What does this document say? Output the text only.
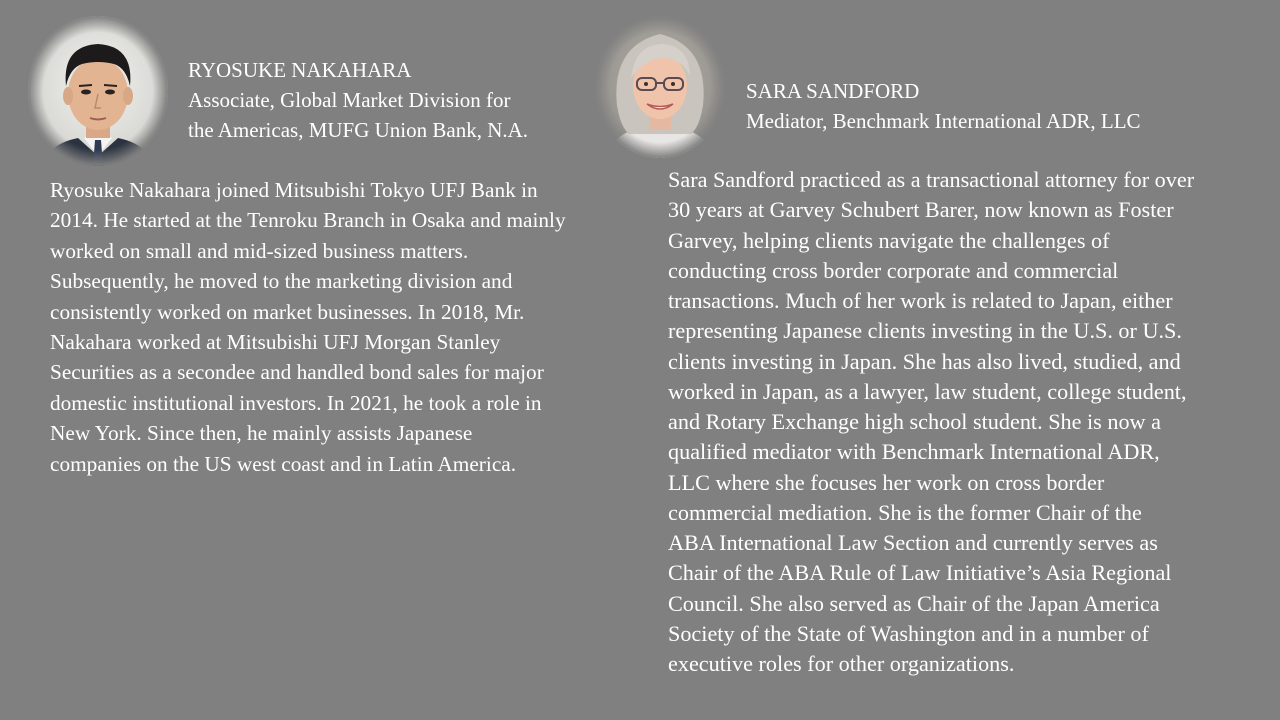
RYOSUKE NAKAHARA
Associate, Global Market Division for
the Americas, MUFG Union Bank, N.A.
Ryosuke Nakahara joined Mitsubishi Tokyo UFJ Bank in
2014. He started at the Tenroku Branch in Osaka and mainly
worked on small and mid-sized business matters.
Subsequently, he moved to the marketing division and
consistently worked on market businesses. In 2018, Mr.
Nakahara worked at Mitsubishi UFJ Morgan Stanley
Securities as a secondee and handled bond sales for major
domestic institutional investors. In 2021, he took a role in
New York. Since then, he mainly assists Japanese
companies on the US west coast and in Latin America.
SARA SANDFORD
Mediator, Benchmark International ADR, LLC
Sara Sandford practiced as a transactional attorney for over
30 years at Garvey Schubert Barer, now known as Foster
Garvey, helping clients navigate the challenges of
conducting cross border corporate and commercial
transactions. Much of her work is related to Japan, either
representing Japanese clients investing in the U.S. or U.S.
clients investing in Japan. She has also lived, studied, and
worked in Japan, as a lawyer, law student, college student,
and Rotary Exchange high school student. She is now a
qualified mediator with Benchmark International ADR,
LLC where she focuses her work on cross border
commercial mediation. She is the former Chair of the
ABA International Law Section and currently serves as
Chair of the ABA Rule of Law Initiative’s Asia Regional
Council. She also served as Chair of the Japan America
Society of the State of Washington and in a number of
executive roles for other organizations.
